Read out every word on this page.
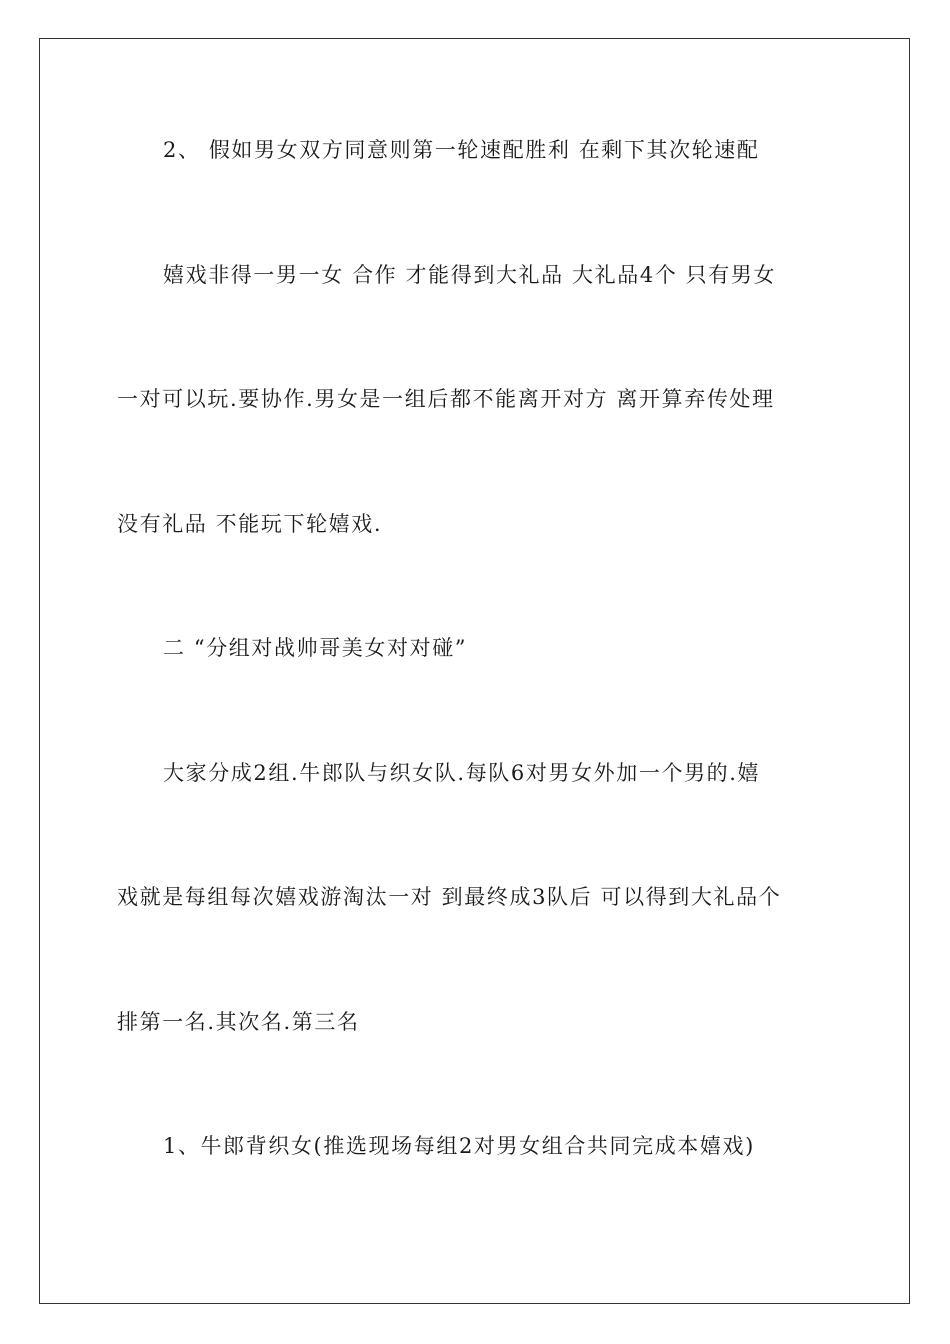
2、 假如男女双方同意则第一轮速配胜利 在剩下其次轮速配
嬉戏非得一男一女 合作 才能得到大礼品 大礼品4个 只有男女
一对可以玩.要协作.男女是一组后都不能离开对方 离开算弃传处理
没有礼品 不能玩下轮嬉戏.
二 “分组对战帅哥美女对对碰”
大家分成2组.牛郎队与织女队.每队6对男女外加一个男的.嬉
戏就是每组每次嬉戏游淘汰一对 到最终成3队后 可以得到大礼品个
排第一名.其次名.第三名
1、牛郎背织女(推选现场每组2对男女组合共同完成本嬉戏)
